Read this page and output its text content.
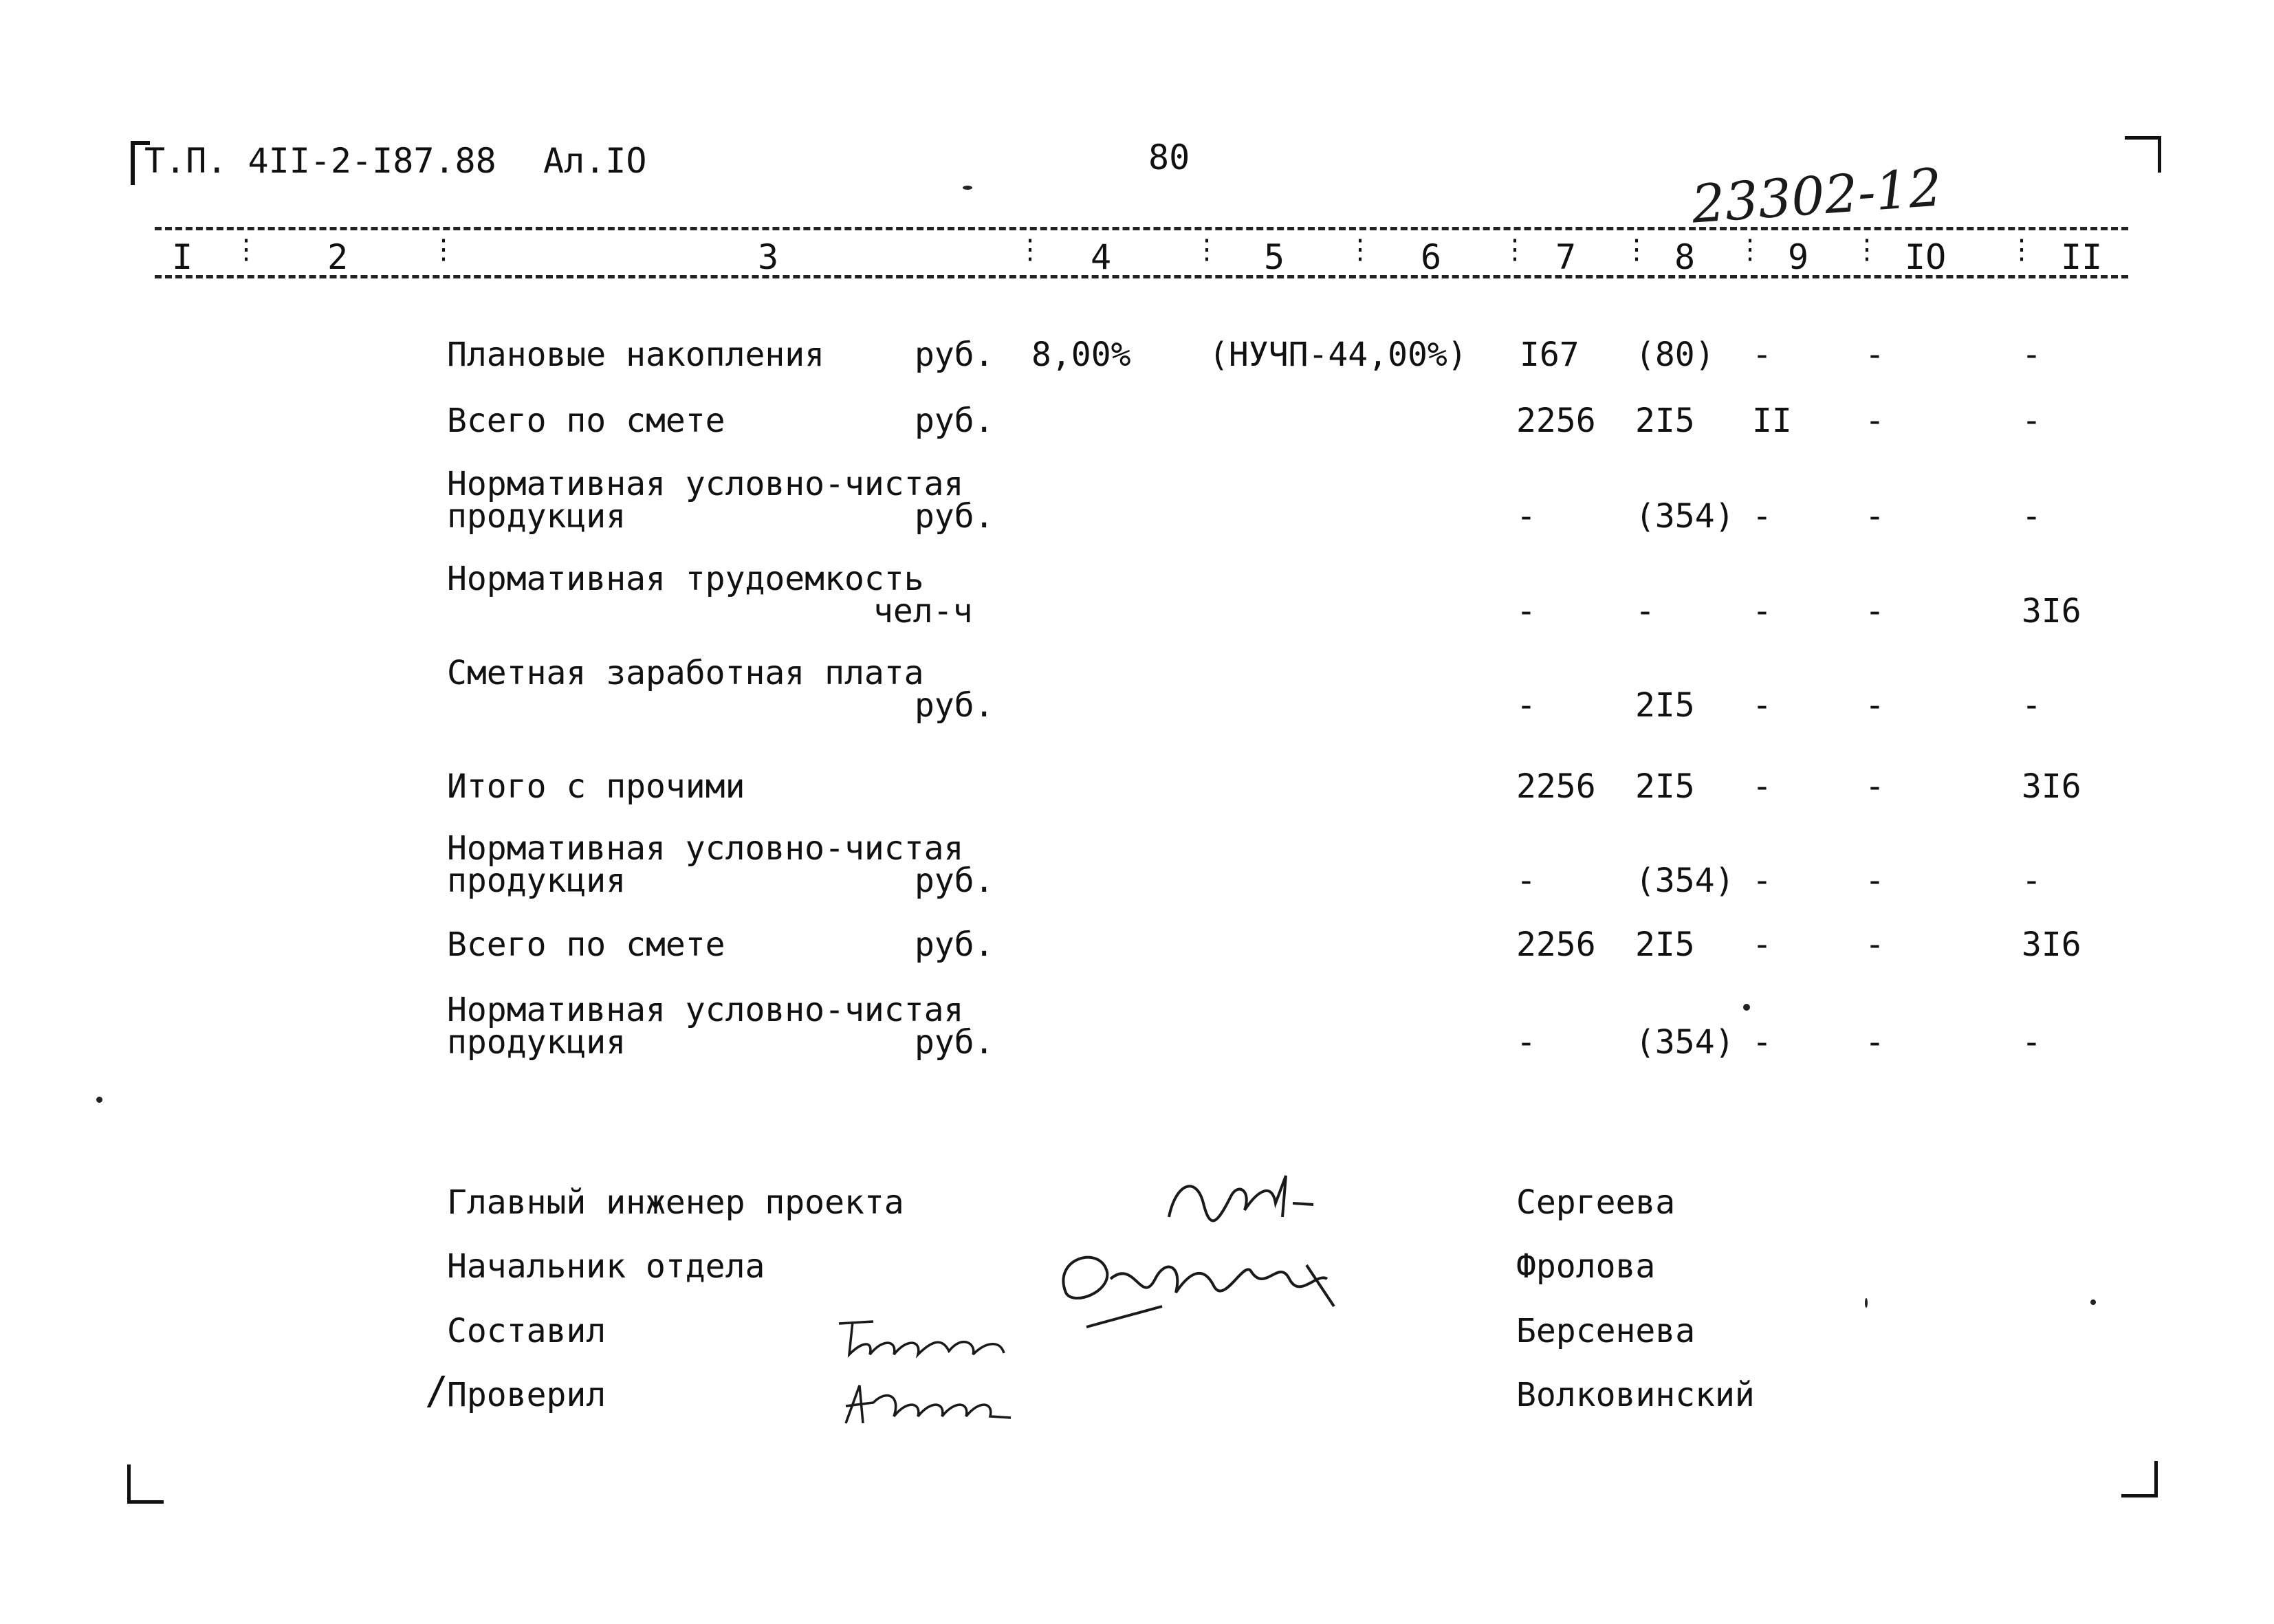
Т.П. 4II-2-I87.88 Ал.IO	80	23302-12
I ⋮ 2	⋮	3	⋮ 4	⋮ 5 ⋮ 6 ⋮ 7 ⋮ 8 ⋮ 9 ⋮ IO ⋮ II
Плановые накопления	руб. 8,00% (НУЧП-44,00%) I67 (80) -	-	-
Всего по смете	руб.	2256 2I5 II -	-
Нормативная условно-чистая
продукция	руб.	-	(354) -	-	-
Нормативная трудоемкость
чел-ч	-	-	-	-	3I6
Сметная заработная плата
руб.	-	2I5 -	-	-
Итого с прочими	2256 2I5 -	-	3I6
Нормативная условно-чистая
продукция	руб.	-	(354) -	-	-
Всего по смете	руб.	2256 2I5 -	-	3I6
Нормативная условно-чистая
продукция	руб.	-	(354) -	-	-
Главный инженер проекта	Сергеева
Начальник отдела	Фролова
Составил	Берсенева
/
Проверил	Волковинский
